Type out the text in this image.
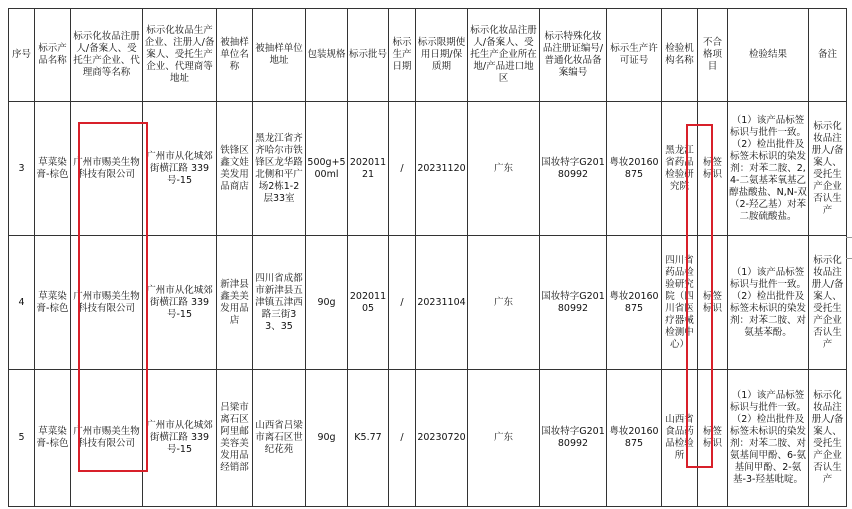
序号	标示产品名称	标示化妆品注册人/备案人、受托生产企业、代理商等名称	标示化妆品生产企业、注册人/备案人、受托生产企业、代理商等地址	被抽样单位名称	被抽样单位地址	包装规格	标示批号	标示生产日期	标示限期使用日期/保质期	标示化妆品注册人/备案人、受托生产企业所在地/产品进口地区	标示特殊化妆品注册证编号/普通化妆品备案编号	标示生产许可证号	检验机构名称	不合格项目	检验结果	备注
3	草菜染膏-棕色	广州市赐美生物科技有限公司	广州市从化城郊街横江路 339 号-15	铁锋区鑫文娃美发用品商店	黑龙江省齐齐哈尔市铁锋区龙华路北侧和平广场2栋1-2层33室	500g+500ml	20201121	/	20231120	广东	国妆特字G20180992	粤妆20160875	黑龙江省药品检验研究院	标签标识	（1）该产品标签标识与批件一致。（2）检出批件及标签未标识的染发剂：对苯二胺、2,4-二氨基苯氧基乙醇盐酸盐、N,N-双（2-羟乙基）对苯二胺硫酸盐。	标示化妆品注册人/备案人、受托生产企业否认生产
4	草菜染膏-棕色	广州市赐美生物科技有限公司	广州市从化城郊街横江路 339 号-15	新津县鑫美美发用品店	四川省成都市新津县五津镇五津西路三街33、35	90g	20201105	/	20231104	广东	国妆特字G20180992	粤妆20160875	四川省药品检验研究院（四川省医疗器械检测中心）	标签标识	（1）该产品标签标识与批件一致。（2）检出批件及标签未标识的染发剂：对苯二胺、对氨基苯酚。	标示化妆品注册人/备案人、受托生产企业否认生产
5	草菜染膏-棕色	广州市赐美生物科技有限公司	广州市从化城郊街横江路 339 号-15	吕梁市离石区阿里邮美容美发用品经销部	山西省吕梁市离石区世纪花苑	90g	K5.77	/	20230720	广东	国妆特字G20180992	粤妆20160875	山西省食品药品检验所	标签标识	（1）该产品标签标识与批件一致。（2）检出批件及标签未标识的染发剂：对苯二胺、对氨基间甲酚、6-氨基间甲酚、2-氨基-3-羟基吡啶。	标示化妆品注册人/备案人、受托生产企业否认生产
